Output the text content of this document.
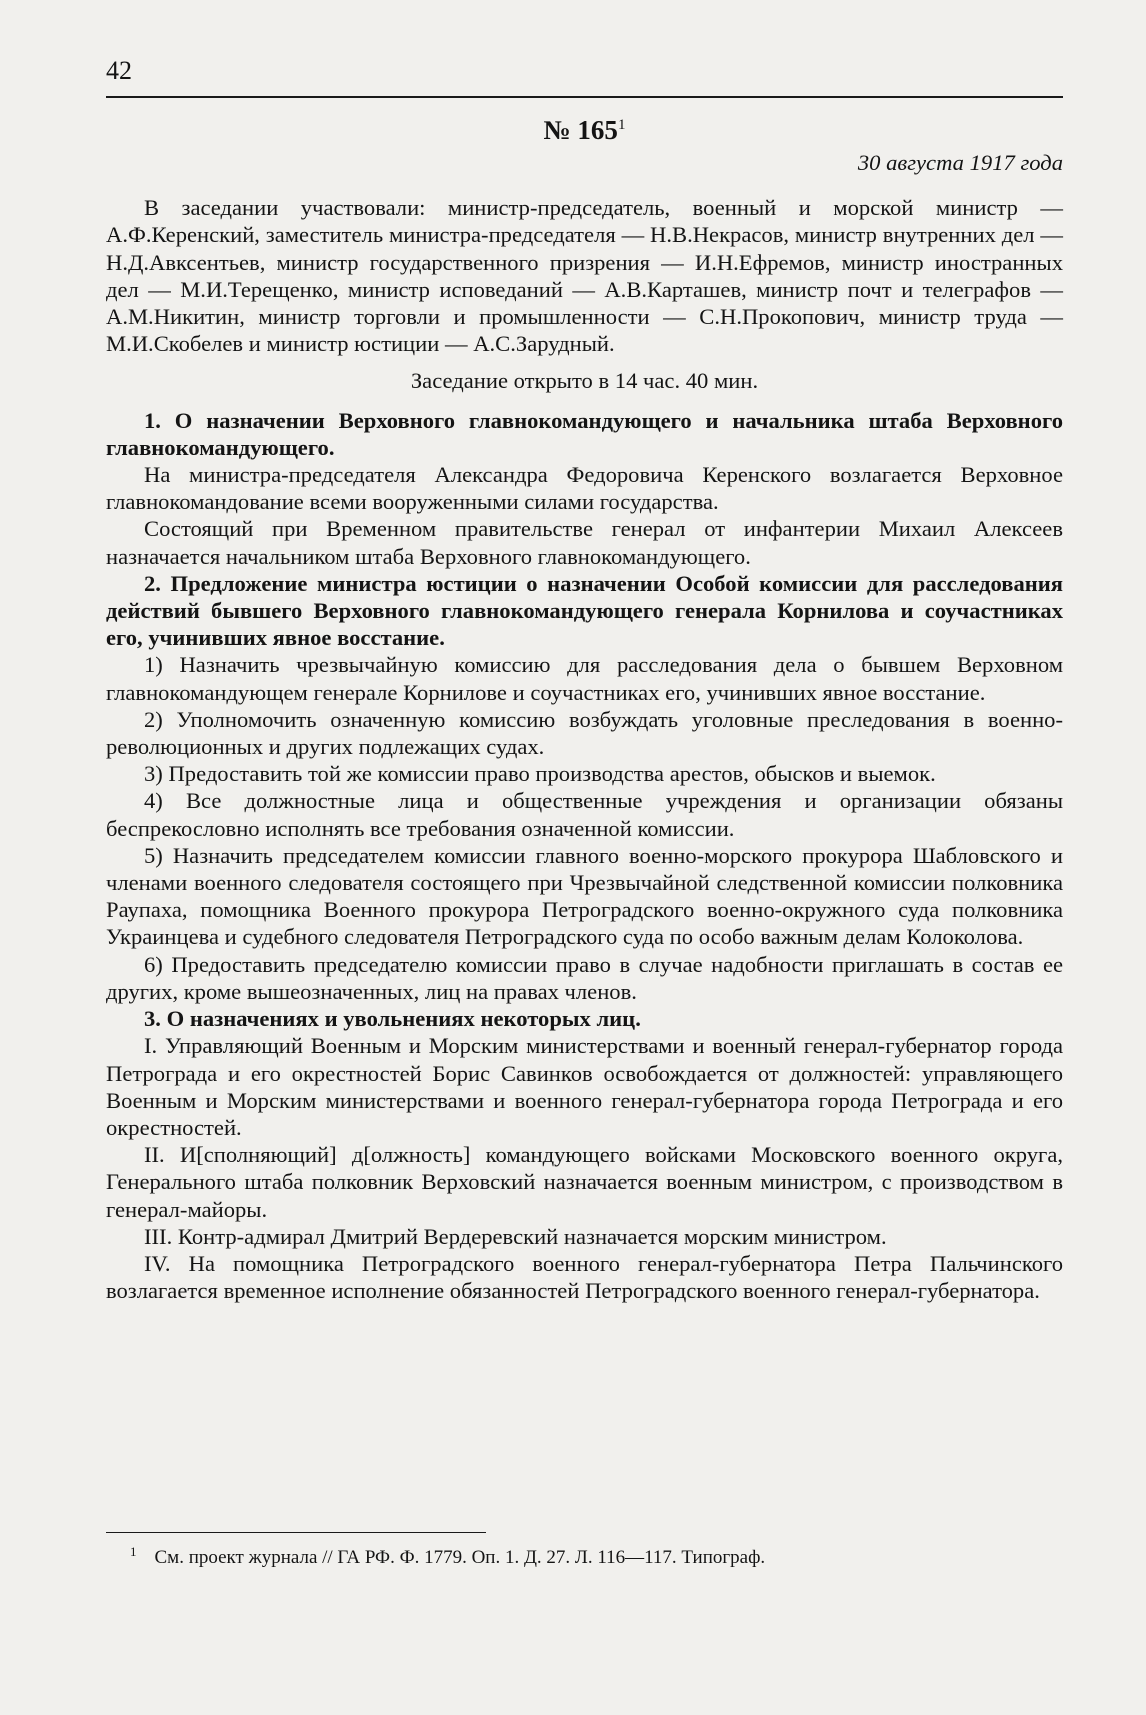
42
№ $165^1$
30 августа 1917 года

В заседании участвовали: министр-председатель, военный и морской министр — А.Ф.Керенский, заместитель министра-председателя — Н.В.Некрасов, министр внутренних дел — Н.Д.Авксентьев, министр государственного призрения — И.Н.Ефремов, министр иностранных дел — М.И.Терещенко, министр исповеданий — А.В.Карташев, министр почт и телеграфов — А.М.Никитин, министр торговли и промышленности — С.Н.Прокопович, министр труда — М.И.Скобелев и министр юстиции — А.С.Зарудный.

Заседание открыто в 14 час. 40 мин.

1. О назначении Верховного главнокомандующего и начальника штаба Верховного главнокомандующего.

На министра-председателя Александра Федоровича Керенского возлагается Верховное главнокомандование всеми вооруженными силами государства.

Состоящий при Временном правительстве генерал от инфантерии Михаил Алексеев назначается начальником штаба Верховного главнокомандующего.

2. Предложение министра юстиции о назначении Особой комиссии для расследования действий бывшего Верховного главнокомандующего генерала Корнилова и соучастниках его, учинивших явное восстание.

1) Назначить чрезвычайную комиссию для расследования дела о бывшем Верховном главнокомандующем генерале Корнилове и соучастниках его, учинивших явное восстание.

2) Уполномочить означенную комиссию возбуждать уголовные преследования в военно-революционных и других подлежащих судах.

3) Предоставить той же комиссии право производства арестов, обысков и выемок.

4) Все должностные лица и общественные учреждения и организации обязаны беспрекословно исполнять все требования означенной комиссии.

5) Назначить председателем комиссии главного военно-морского прокурора Шабловского и членами военного следователя состоящего при Чрезвычайной следственной комиссии полковника Раупаха, помощника Военного прокурора Петроградского военно-окружного суда полковника Украинцева и судебного следователя Петроградского суда по особо важным делам Колоколова.

6) Предоставить председателю комиссии право в случае надобности приглашать в состав ее других, кроме вышеозначенных, лиц на правах членов.

3. О назначениях и увольнениях некоторых лиц.

I. Управляющий Военным и Морским министерствами и военный генерал-губернатор города Петрограда и его окрестностей Борис Савинков освобождается от должностей: управляющего Военным и Морским министерствами и военного генерал-губернатора города Петрограда и его окрестностей.

II. И[сполняющий] д[олжность] командующего войсками Московского военного округа, Генерального штаба полковник Верховский назначается военным министром, с производством в генерал-майоры.

III. Контр-адмирал Дмитрий Вердеревский назначается морским министром.

IV. На помощника Петроградского военного генерал-губернатора Петра Пальчинского возлагается временное исполнение обязанностей Петроградского военного генерал-губернатора.

$^1$ См. проект журнала // ГА РФ. Ф. 1779. Оп. 1. Д. 27. Л. 116—117. Типограф.
